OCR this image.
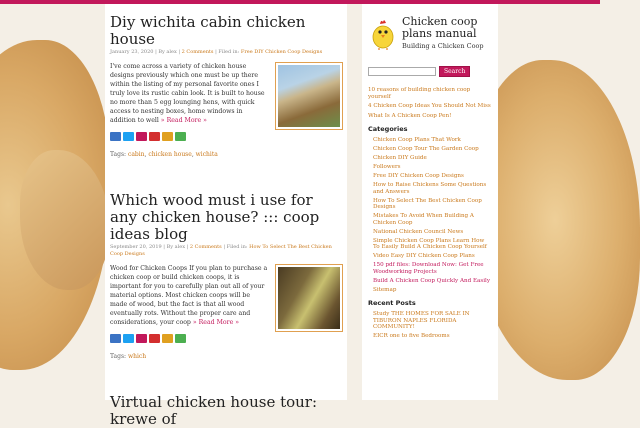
Diy wichita cabin chicken house
January 23, 2020 | By alex | 2 Comments | Filed in: Free DIY Chicken Coop Designs
I've come across a variety of chicken house designs previously which one must be up there within the listing of my personal favorite ones I truly love its rustic cabin look. It is built to house no more than 5 egg lounging hens, with quick access to nesting boxes, home windows in addition to well » Read More »
Tags: cabin, chicken house, wichita
Which wood must i use for any chicken house? ::: coop ideas blog
September 20, 2019 | By alex | 2 Comments | Filed in: How To Select The Best Chicken Coop Designs
Wood for Chicken Coops If you plan to purchase a chicken coop or build chicken coops, it is important for you to carefully plan out all of your material options. Most chicken coops will be made of wood, but the fact is that all wood eventually rots. Without the proper care and considerations, your coop » Read More »
Tags: which
Virtual chicken house tour: krewe of
Chicken coop plans manual
Building a Chicken Coop
Search
10 reasons of building chicken coop yourself
4 Chicken Coop Ideas You Should Not Miss
What Is A Chicken Coop Pen!
Categories
Chicken Coop Plans That Work
Chicken Coop Tour The Garden Coop
Chicken DIY Guide
Followers
Free DIY Chicken Coop Designs
How to Raise Chickens Some Questions and Answers
How To Select The Best Chicken Coop Designs
Mistakes To Avoid When Building A Chicken Coop
National Chicken Council News
Simple Chicken Coop Plans Learn How To Easily Build A Chicken Coop Yourself
Video Easy DIY Chicken Coop Plans
150 pdf files: Download Now: Get Free Woodworking Projects
Build A Chicken Coop Quickly And Easily
Sitemap
Recent Posts
Study THE HOMES FOR SALE IN TIBURON NAPLES FLORIDA COMMUNITY!
EICR one to five Bedrooms
